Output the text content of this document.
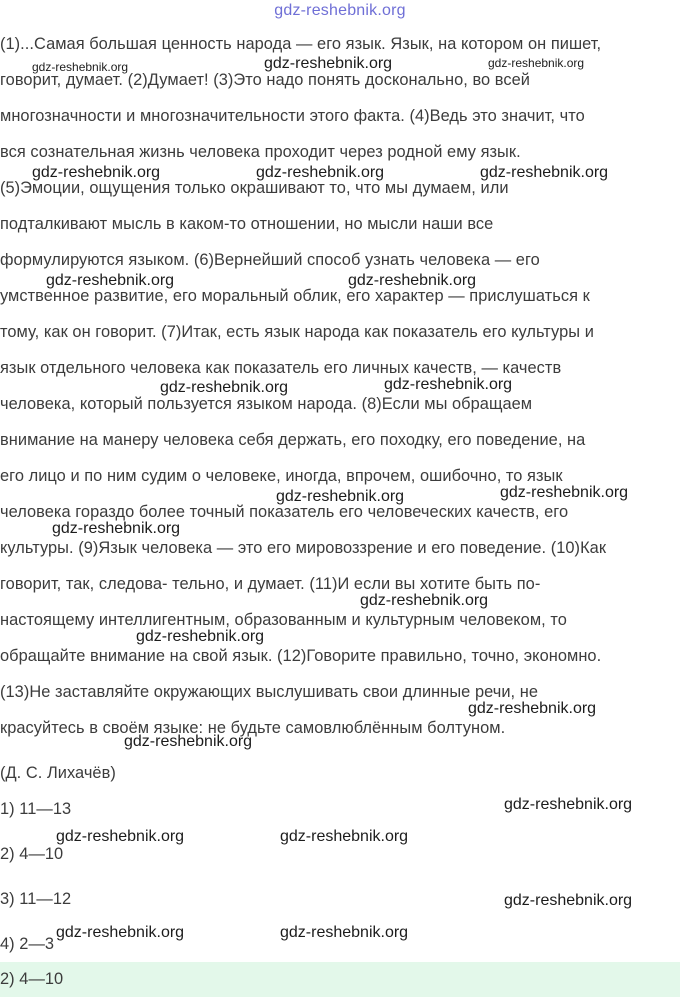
gdz-reshebnik.org
(1)...Самая большая ценность народа — его язык. Язык, на котором он пишет,
говорит, думает. (2)Думает! (3)Это надо понять досконально, во всей
многозначности и многозначительности этого факта. (4)Ведь это значит, что
вся сознательная жизнь человека проходит через родной ему язык.
(5)Эмоции, ощущения только окрашивают то, что мы думаем, или
подталкивают мысль в каком-то отношении, но мысли наши все
формулируются языком. (6)Вернейший способ узнать человека — его
умственное развитие, его моральный облик, его характер — прислушаться к
тому, как он говорит. (7)Итак, есть язык народа как показатель его культуры и
язык отдельного человека как показатель его личных качеств, — качеств
человека, который пользуется языком народа. (8)Если мы обращаем
внимание на манеру человека себя держать, его походку, его поведение, на
его лицо и по ним судим о человеке, иногда, впрочем, ошибочно, то язык
человека гораздо более точный показатель его человеческих качеств, его
культуры. (9)Язык человека — это его мировоззрение и его поведение. (10)Как
говорит, так, следова- тельно, и думает. (11)И если вы хотите быть по-
настоящему интеллигентным, образованным и культурным человеком, то
обращайте внимание на свой язык. (12)Говорите правильно, точно, экономно.
(13)Не заставляйте окружающих выслушивать свои длинные речи, не
красуйтесь в своём языке: не будьте самовлюблённым болтуном.
(Д. С. Лихачёв)
1) 11—13
2) 4—10
3) 11—12
4) 2—3
2) 4—10
gdz-reshebnik.org	gdz-reshebnik.org	gdz-reshebnik.org
gdz-reshebnik.org	gdz-reshebnik.org	gdz-reshebnik.org
gdz-reshebnik.org	gdz-reshebnik.org
gdz-reshebnik.org	gdz-reshebnik.org
gdz-reshebnik.org	gdz-reshebnik.org
gdz-reshebnik.org
gdz-reshebnik.org
gdz-reshebnik.org
gdz-reshebnik.org
gdz-reshebnik.org
gdz-reshebnik.org
gdz-reshebnik.org	gdz-reshebnik.org
gdz-reshebnik.org
gdz-reshebnik.org	gdz-reshebnik.org
